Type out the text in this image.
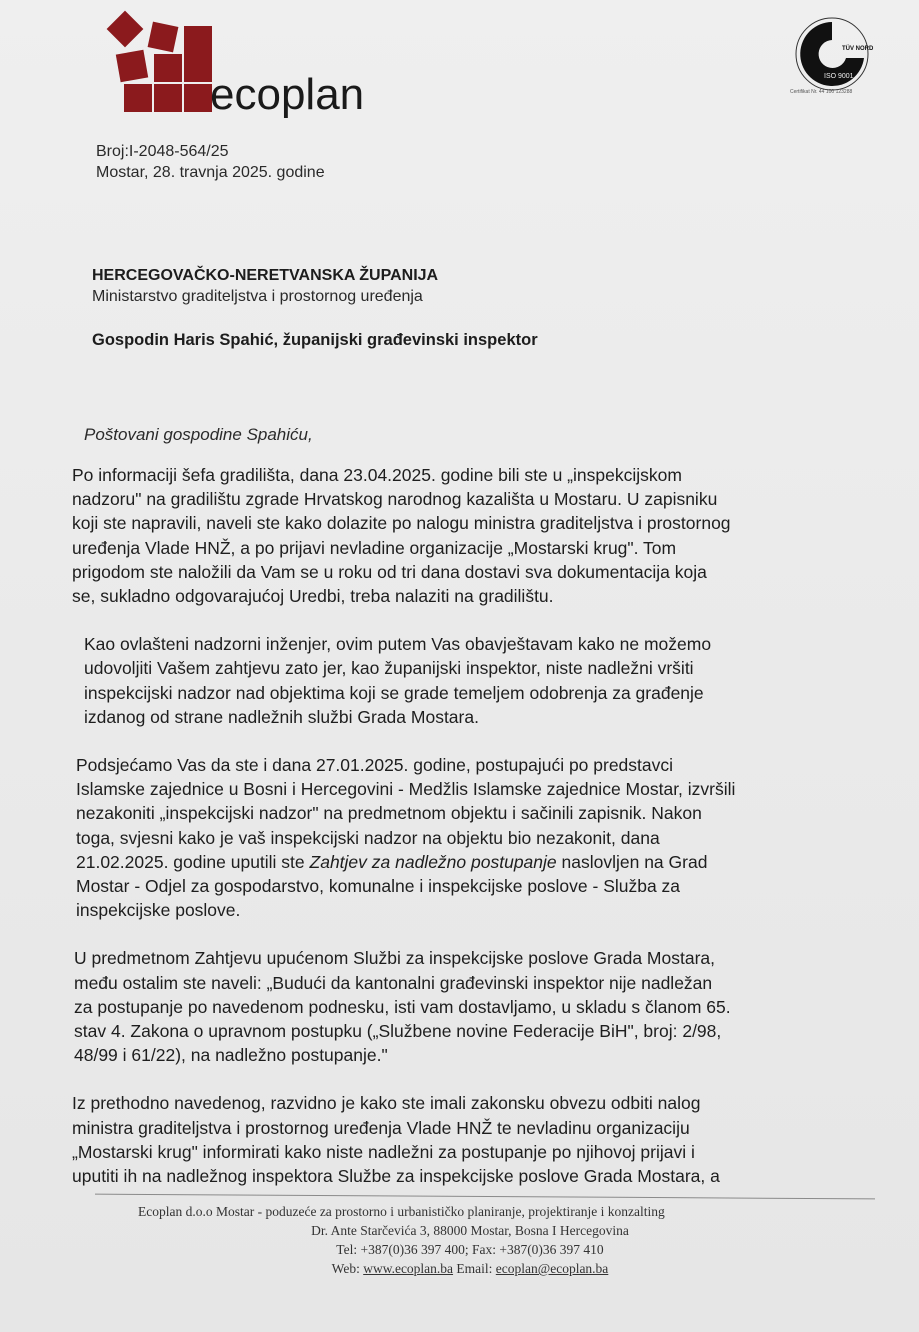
ecoplan
TÜV NORD
ISO 9001
Certifikat Nr. 44 100 123288
Broj:I-2048-564/25
Mostar, 28. travnja 2025. godine
HERCEGOVAČKO-NERETVANSKA ŽUPANIJA
Ministarstvo graditeljstva i prostornog uređenja
Gospodin Haris Spahić, županijski građevinski inspektor
Poštovani gospodine Spahiću,

Po informaciji šefa gradilišta, dana 23.04.2025. godine bili ste u „inspekcijskom
nadzoru" na gradilištu zgrade Hrvatskog narodnog kazališta u Mostaru. U zapisniku
koji ste napravili, naveli ste kako dolazite po nalogu ministra graditeljstva i prostornog
uređenja Vlade HNŽ, a po prijavi nevladine organizacije „Mostarski krug". Tom
prigodom ste naložili da Vam se u roku od tri dana dostavi sva dokumentacija koja
se, sukladno odgovarajućoj Uredbi, treba nalaziti na gradilištu.

Kao ovlašteni nadzorni inženjer, ovim putem Vas obavještavam kako ne možemo
udovoljiti Vašem zahtjevu zato jer, kao županijski inspektor, niste nadležni vršiti
inspekcijski nadzor nad objektima koji se grade temeljem odobrenja za građenje
izdanog od strane nadležnih službi Grada Mostara.

Podsjećamo Vas da ste i dana 27.01.2025. godine, postupajući po predstavci
Islamske zajednice u Bosni i Hercegovini - Medžlis Islamske zajednice Mostar, izvršili
nezakoniti „inspekcijski nadzor" na predmetnom objektu i sačinili zapisnik. Nakon
toga, svjesni kako je vaš inspekcijski nadzor na objektu bio nezakonit, dana
21.02.2025. godine uputili ste Zahtjev za nadležno postupanje naslovljen na Grad
Mostar - Odjel za gospodarstvo, komunalne i inspekcijske poslove - Služba za
inspekcijske poslove.

U predmetnom Zahtjevu upućenom Službi za inspekcijske poslove Grada Mostara,
među ostalim ste naveli: „Budući da kantonalni građevinski inspektor nije nadležan
za postupanje po navedenom podnesku, isti vam dostavljamo, u skladu s članom 65.
stav 4. Zakona o upravnom postupku („Službene novine Federacije BiH", broj: 2/98,
48/99 i 61/22), na nadležno postupanje."

Iz prethodno navedenog, razvidno je kako ste imali zakonsku obvezu odbiti nalog
ministra graditeljstva i prostornog uređenja Vlade HNŽ te nevladinu organizaciju
„Mostarski krug" informirati kako niste nadležni za postupanje po njihovoj prijavi i
uputiti ih na nadležnog inspektora Službe za inspekcijske poslove Grada Mostara, a

Ecoplan d.o.o Mostar - poduzeće za prostorno i urbanističko planiranje, projektiranje i konzalting
Dr. Ante Starčevića 3, 88000 Mostar, Bosna I Hercegovina
Tel: +387(0)36 397 400; Fax: +387(0)36 397 410
Web: www.ecoplan.ba Email: ecoplan@ecoplan.ba
